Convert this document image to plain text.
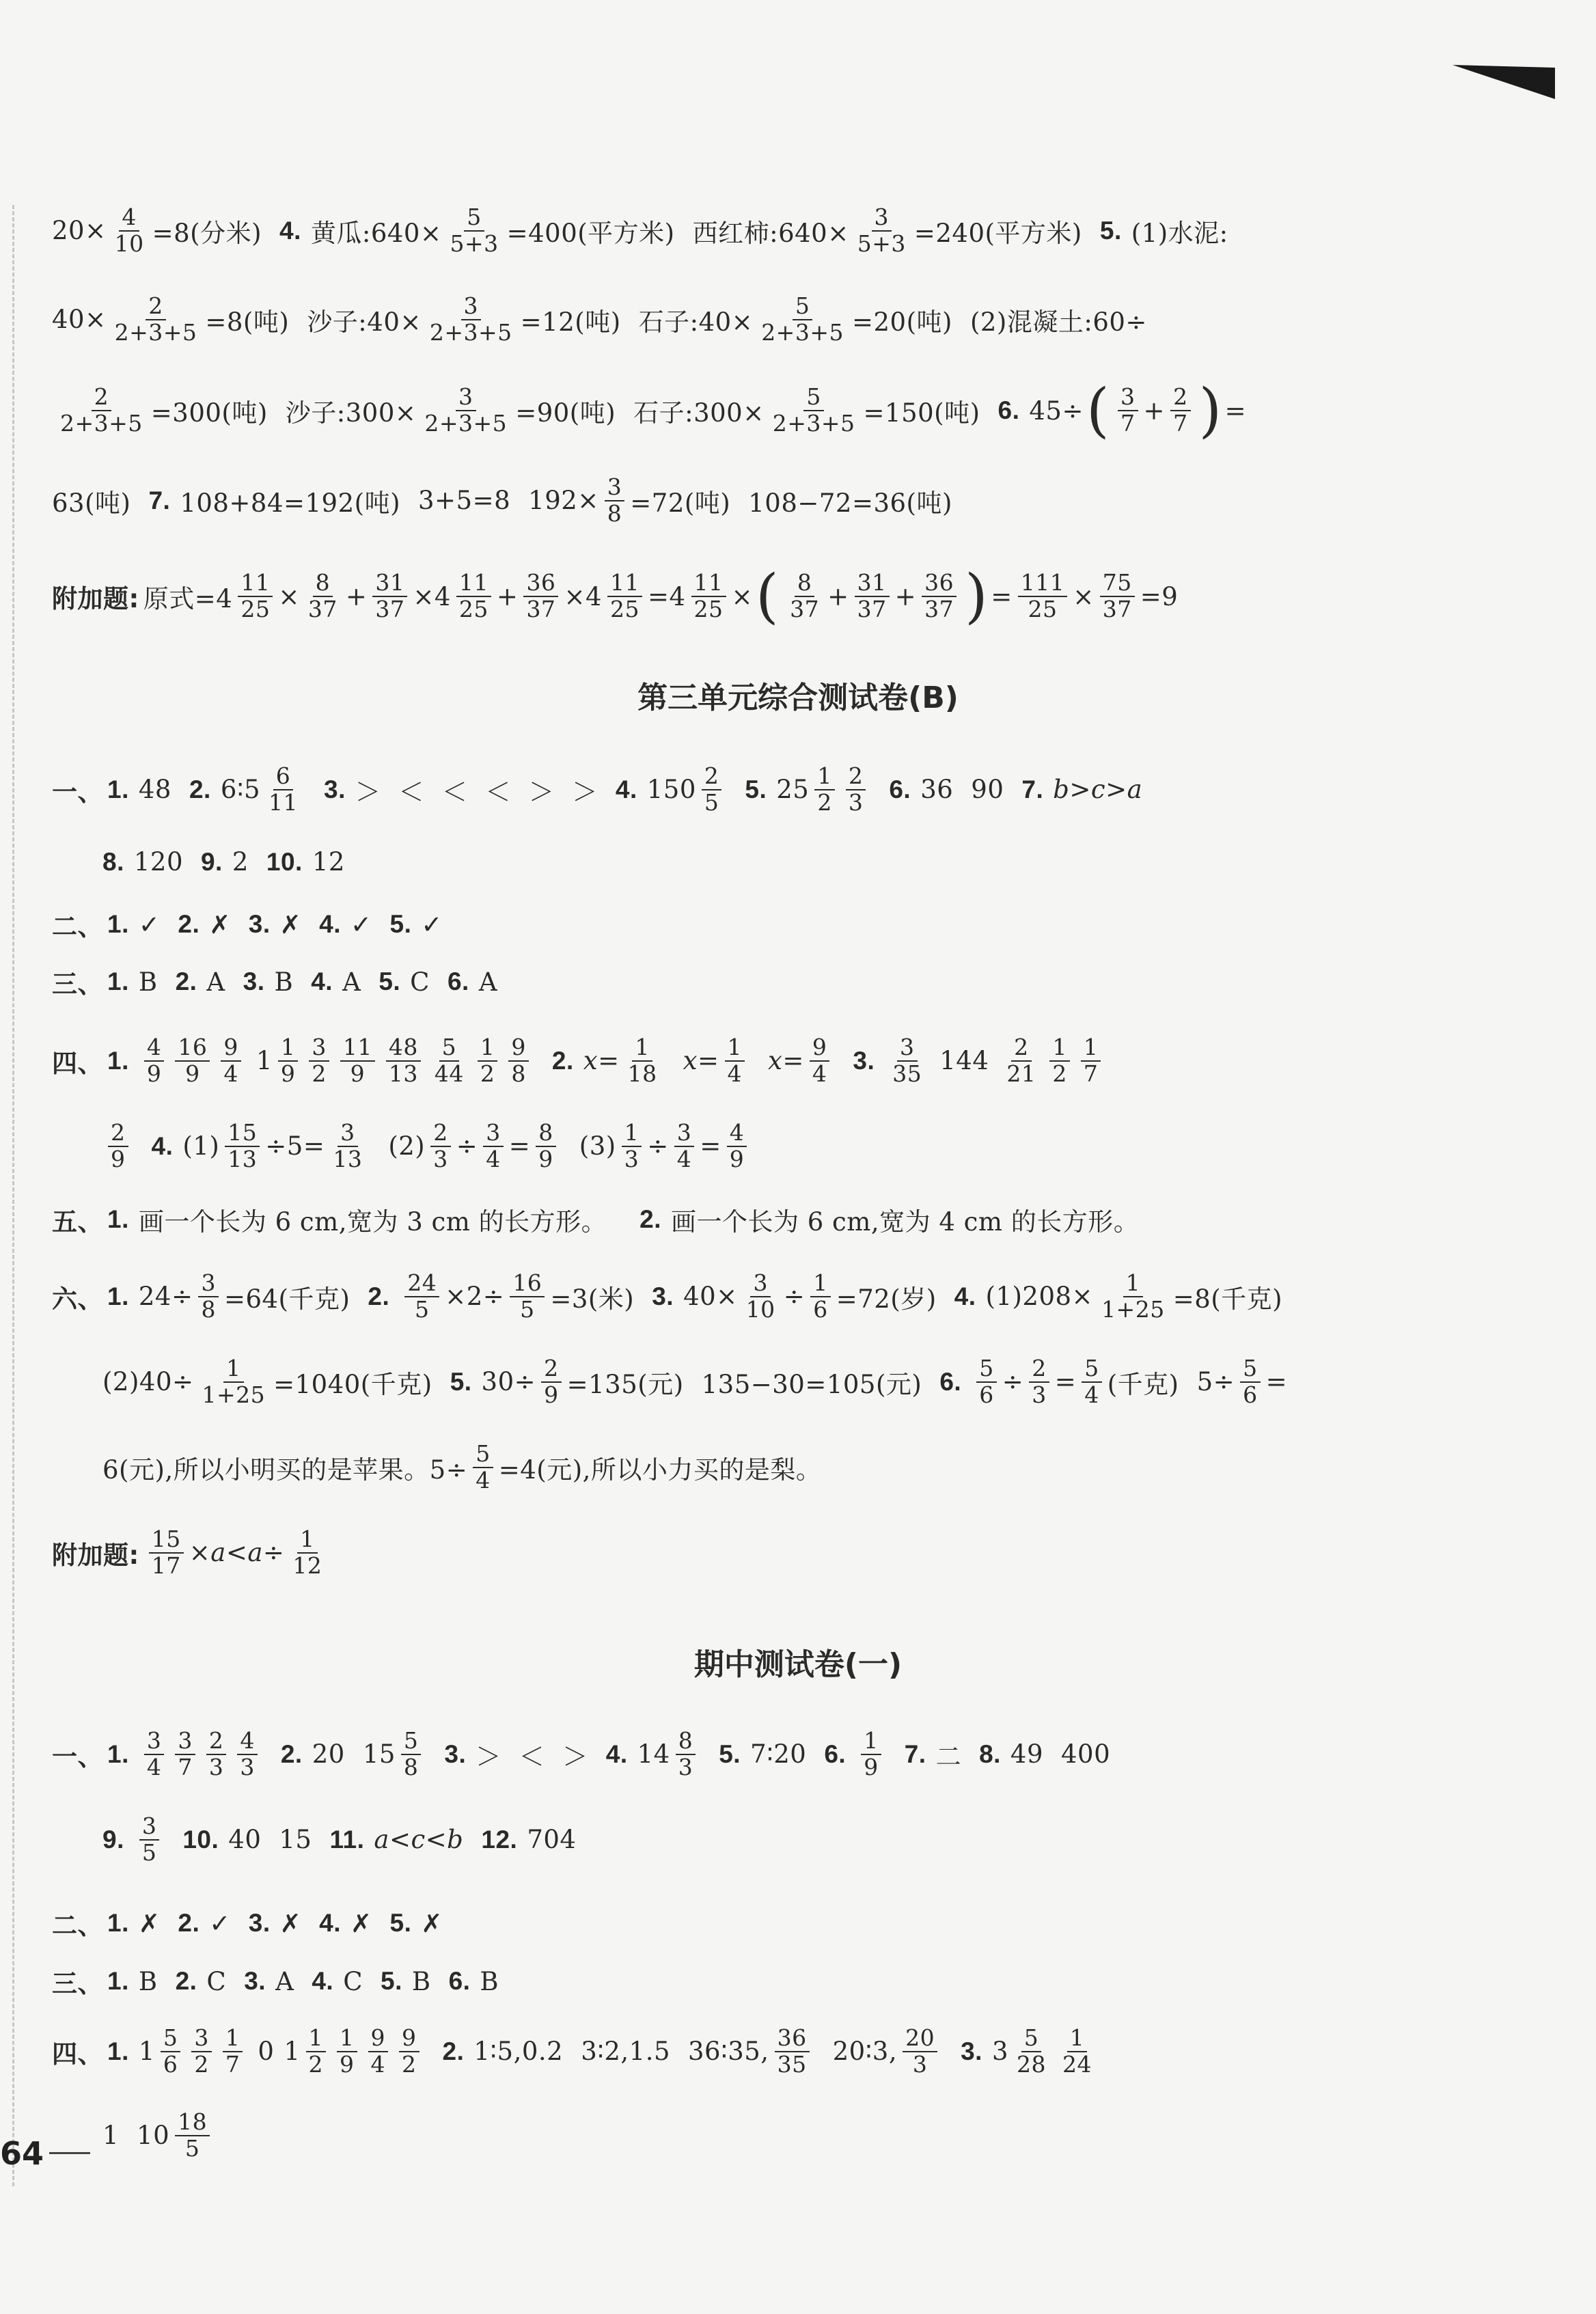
$20\times \frac{4}{10} =8$(分米) 4. 黄瓜:640× $\frac{5}{5+3} =400$(平方米) 西红柿:640× $\frac{3}{5+3} =240$(平方米) 5. (1)水泥:
$40\times \frac{2}{2+3+5} =8$(吨) 沙子:40× $\frac{3}{2+3+5} =12$(吨) 石子:40× $\frac{5}{2+3+5} =20$(吨) (2)混凝土:60÷
$\frac{2}{2+3+5} =300$(吨) 沙子:300× $\frac{3}{2+3+5} =90$(吨) 石子:300× $\frac{5}{2+3+5} =150$(吨) 6. 45÷ ( $\frac{3}{7} + \frac{2}{7}$ ) =
63(吨) 7. 108+84=192(吨) 3+5=8 $192\times \frac{3}{8} =72$(吨) 108−72=36(吨)
附加题: 原式$=4 \frac{11}{25} \times \frac{8}{37} + \frac{31}{37} \times 4 \frac{11}{25} + \frac{36}{37} \times 4 \frac{11}{25} =4 \frac{11}{25}$ × ( $\frac{8}{37} + \frac{31}{37} + \frac{36}{37}$ ) = $\frac{111}{25} \times \frac{75}{37} =9$
第三单元综合测试卷(B)
一、 1. 48 2. 6∶5 $\frac{6}{11} 3$. ＞ ＜ ＜ ＜ ＞ ＞ 4. $150 \frac{2}{5} 5$. $25 \frac{1}{2} \frac{2}{3} 6$. 36 90 7. b>c>a
8. 120 9. 2 10. 12
二、 1. ✓ 2. ✗ 3. ✗ 4. ✓ 5. ✓
三、 1. B 2. A 3. B 4. A 5. C 6. A
四、 1. $\frac{4}{9} \frac{16}{9} \frac{9}{4} 1 \frac{1}{9} \frac{3}{2} \frac{11}{9} \frac{48}{13} \frac{5}{44} \frac{1}{2} \frac{9}{8} 2$. $x= \frac{1}{18} x= \frac{1}{4} x= \frac{9}{4} 3$. $\frac{3}{35} 144 \frac{2}{21} \frac{1}{2} \frac{1}{7}$
$\frac{2}{9} 4$. $(1) \frac{15}{13} \div 5= \frac{3}{13} (2) \frac{2}{3} \div \frac{3}{4} = \frac{8}{9} (3) \frac{1}{3} \div \frac{3}{4} = \frac{4}{9}$
五、 1. 画一个长为 6 cm,宽为 3 cm 的长方形。 2. 画一个长为 6 cm,宽为 4 cm 的长方形。
六、 1. $24\div \frac{3}{8} =64$(千克) 2. $\frac{24}{5} \times 2\div \frac{16}{5} =3$(米) 3. $40\times \frac{3}{10} \div \frac{1}{6} =72$(岁) 4. $(1)208\times \frac{1}{1+25} =8$(千克)
$(2)40\div \frac{1}{1+25} =1040$(千克) 5. $30\div \frac{2}{9} =135$(元) 135−30=105(元) 6. $\frac{5}{6} \div \frac{2}{3} = \frac{5}{4}$ (千克) $5\div \frac{5}{6}$ =
6(元),所以小明买的是苹果。$5\div \frac{5}{4} =4$(元),所以小力买的是梨。
附加题: $\frac{15}{17} \times a<a\div \frac{1}{12}$
期中测试卷(一)
一、 1. $\frac{3}{4} \frac{3}{7} \frac{2}{3} \frac{4}{3} 2$. 20 $15 \frac{5}{8} 3$. ＞ ＜ ＞ 4. $14 \frac{8}{3} 5$. 7∶20 6. $\frac{1}{9} 7$. 二 8. 49 400
9. $\frac{3}{5} 10$. 40 15 11. a<c<b 12. 704
二、 1. ✗ 2. ✓ 3. ✗ 4. ✗ 5. ✗
三、 1. B 2. C 3. A 4. C 5. B 6. B
四、 1. $1 \frac{5}{6} \frac{3}{2} \frac{1}{7} 0$ $1 \frac{1}{2} \frac{1}{9} \frac{9}{4} \frac{9}{2} 2$. 1∶5,0.2 3∶2,1.5 36∶35, $\frac{36}{35}$ 20∶3, $\frac{20}{3} 3$. $3 \frac{5}{28} \frac{1}{24}$
1 $10 \frac{18}{5}$
64
